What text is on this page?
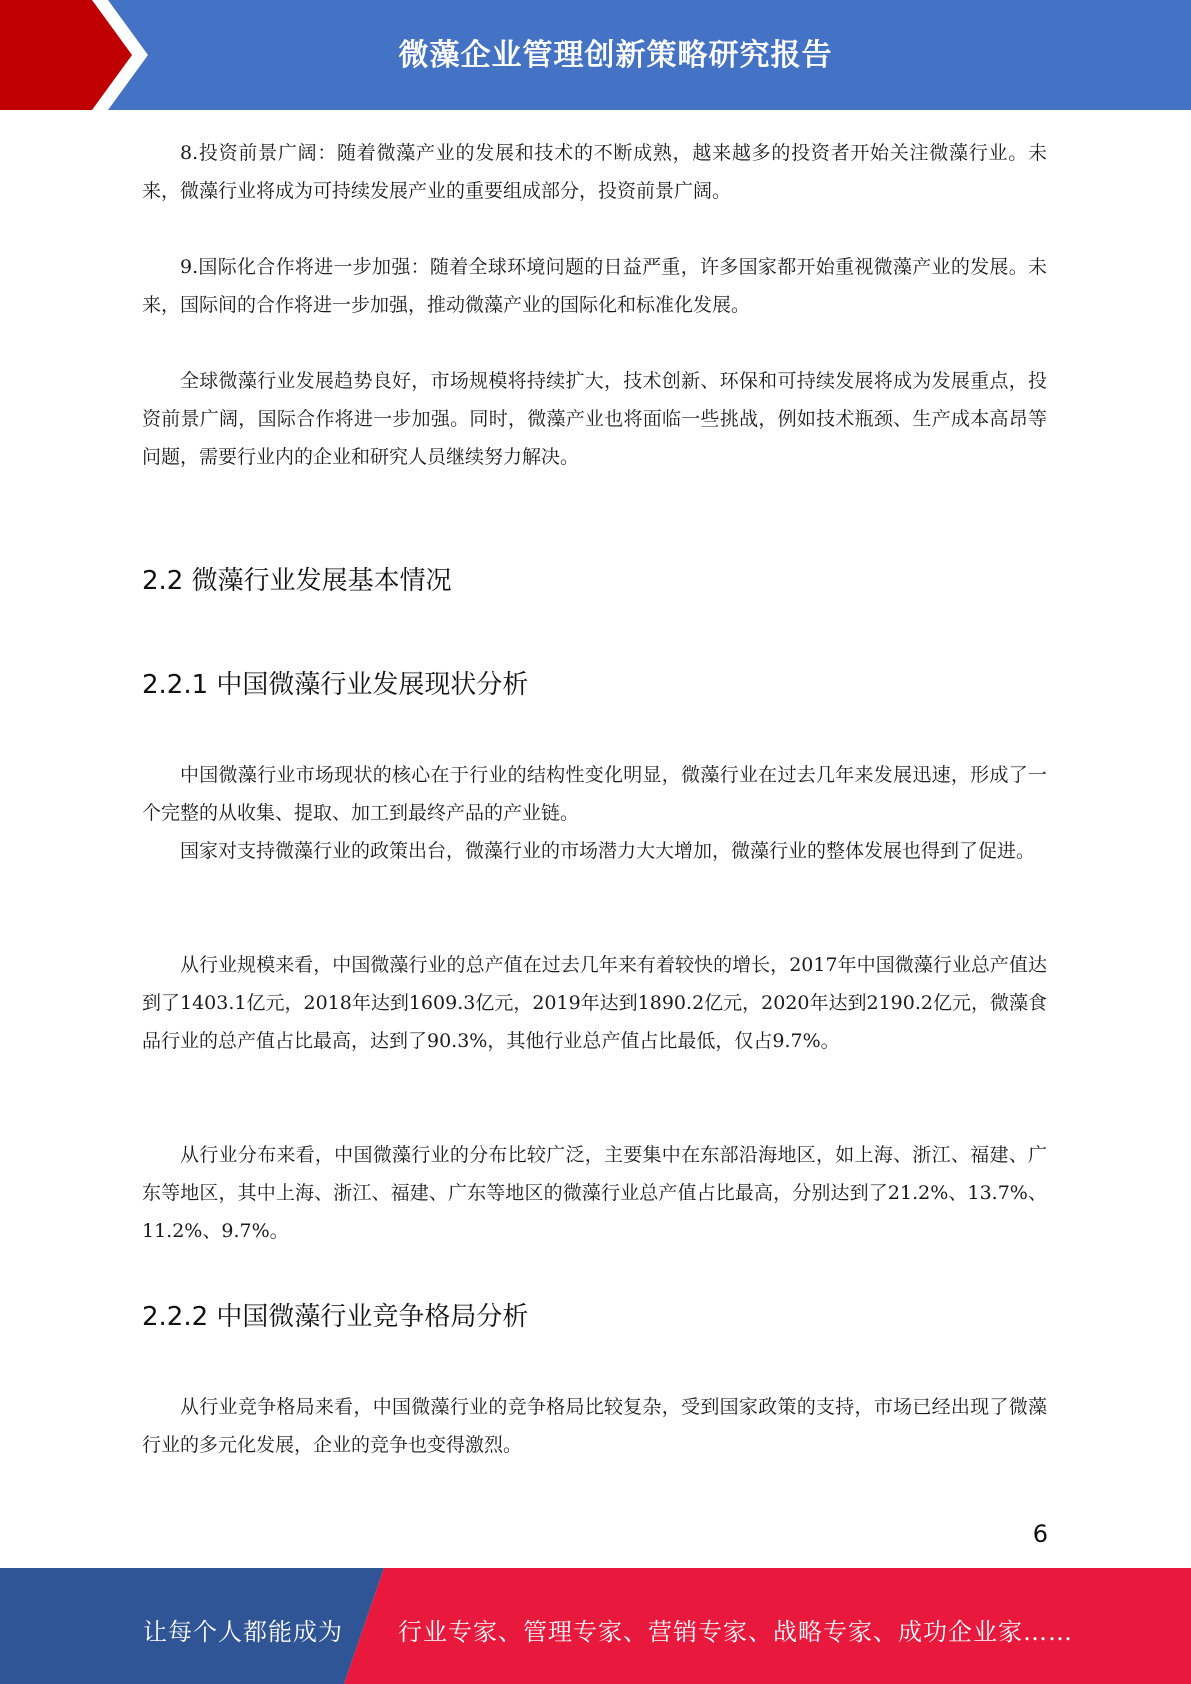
微藻企业管理创新策略研究报告

8.投资前景广阔：随着微藻产业的发展和技术的不断成熟，越来越多的投资者开始关注微藻行业。未来，微藻行业将成为可持续发展产业的重要组成部分，投资前景广阔。

9.国际化合作将进一步加强：随着全球环境问题的日益严重，许多国家都开始重视微藻产业的发展。未来，国际间的合作将进一步加强，推动微藻产业的国际化和标准化发展。

全球微藻行业发展趋势良好，市场规模将持续扩大，技术创新、环保和可持续发展将成为发展重点，投资前景广阔，国际合作将进一步加强。同时，微藻产业也将面临一些挑战，例如技术瓶颈、生产成本高昂等问题，需要行业内的企业和研究人员继续努力解决。

2.2 微藻行业发展基本情况
2.2.1 中国微藻行业发展现状分析

中国微藻行业市场现状的核心在于行业的结构性变化明显，微藻行业在过去几年来发展迅速，形成了一个完整的从收集、提取、加工到最终产品的产业链。

国家对支持微藻行业的政策出台，微藻行业的市场潜力大大增加，微藻行业的整体发展也得到了促进。

从行业规模来看，中国微藻行业的总产值在过去几年来有着较快的增长，2017年中国微藻行业总产值达到了1403.1亿元，2018年达到1609.3亿元，2019年达到1890.2亿元，2020年达到2190.2亿元，微藻食品行业的总产值占比最高，达到了90.3%，其他行业总产值占比最低，仅占9.7%。

从行业分布来看，中国微藻行业的分布比较广泛，主要集中在东部沿海地区，如上海、浙江、福建、广东等地区，其中上海、浙江、福建、广东等地区的微藻行业总产值占比最高，分别达到了21.2%、13.7%、11.2%、9.7%。

2.2.2 中国微藻行业竞争格局分析

从行业竞争格局来看，中国微藻行业的竞争格局比较复杂，受到国家政策的支持，市场已经出现了微藻行业的多元化发展，企业的竞争也变得激烈。

6
让每个人都能成为 行业专家、管理专家、营销专家、战略专家、成功企业家……
